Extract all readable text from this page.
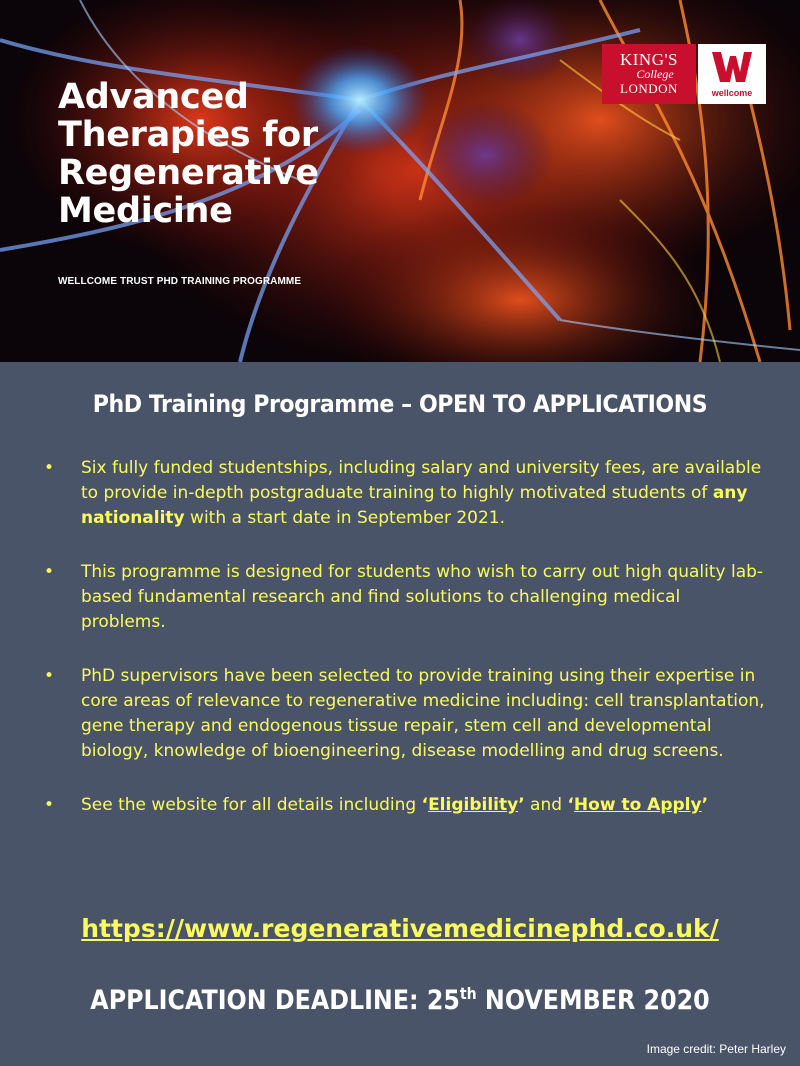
Advanced
Therapies for
Regenerative
Medicine
WELLCOME TRUST PHD TRAINING PROGRAMME
KING'S
College
LONDON	wellcome
PhD Training Programme – OPEN TO APPLICATIONS
• Six fully funded studentships, including salary and university fees, are available to provide in-depth postgraduate training to highly motivated students of any nationality with a start date in September 2021.
• This programme is designed for students who wish to carry out high quality lab-based fundamental research and find solutions to challenging medical problems.
• PhD supervisors have been selected to provide training using their expertise in core areas of relevance to regenerative medicine including: cell transplantation, gene therapy and endogenous tissue repair, stem cell and developmental biology, knowledge of bioengineering, disease modelling and drug screens.
• See the website for all details including ‘Eligibility’ and ‘How to Apply’
https://www.regenerativemedicinephd.co.uk/
APPLICATION DEADLINE: 25th NOVEMBER 2020
Image credit: Peter Harley
